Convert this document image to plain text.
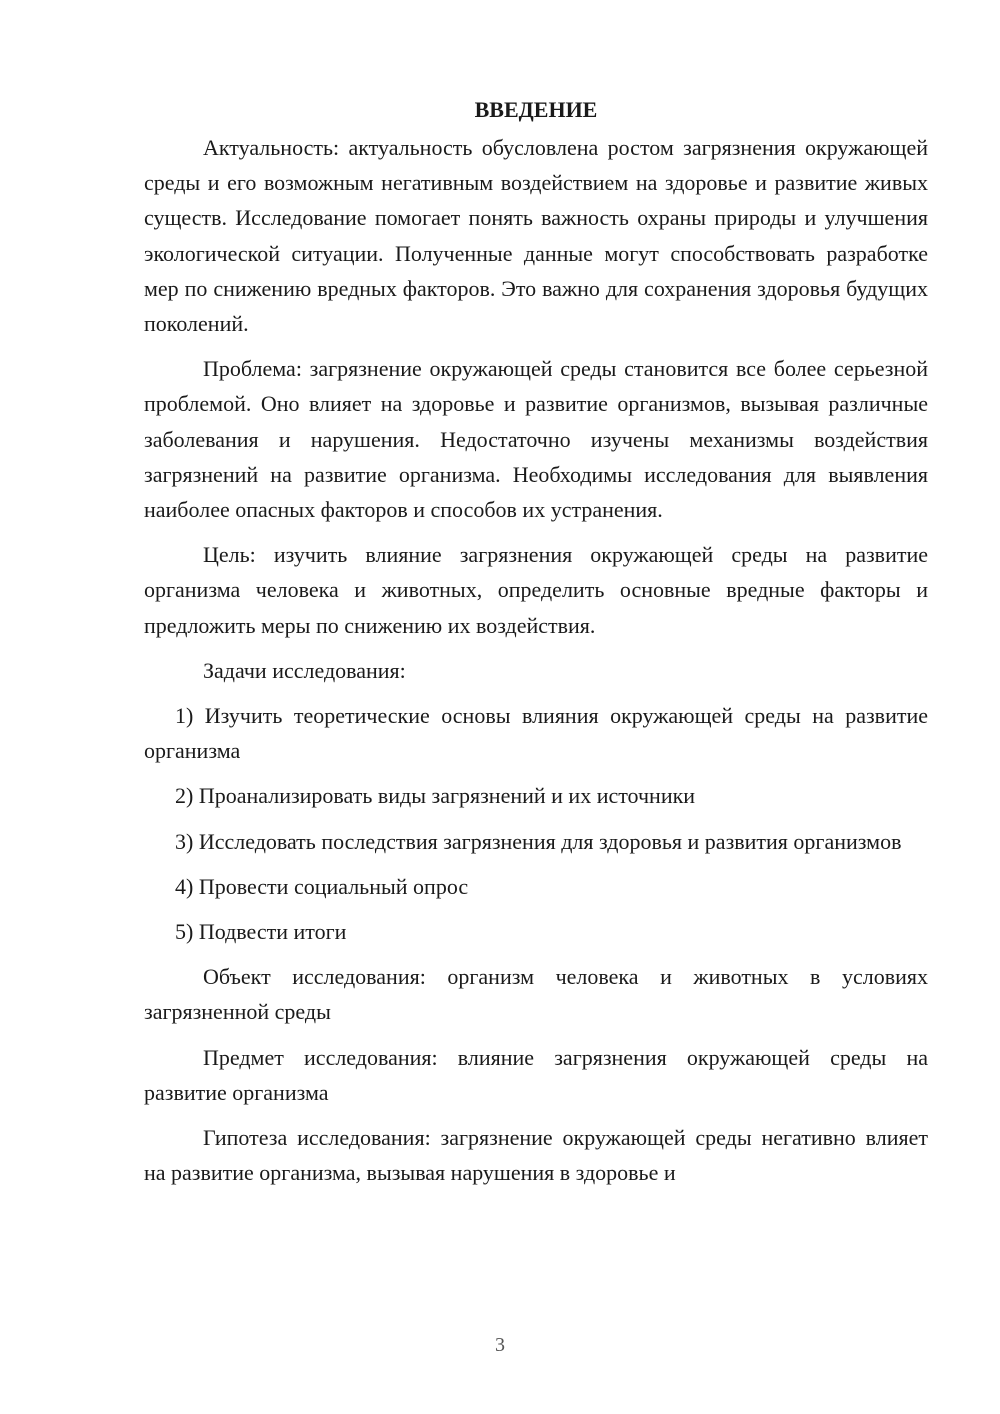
ВВЕДЕНИЕ

Актуальность: актуальность обусловлена ростом загрязнения окружающей среды и его возможным негативным воздействием на здоровье и развитие живых существ. Исследование помогает понять важность охраны природы и улучшения экологической ситуации. Полученные данные могут способствовать разработке мер по снижению вредных факторов. Это важно для сохранения здоровья будущих поколений.

Проблема: загрязнение окружающей среды становится все более серьезной проблемой. Оно влияет на здоровье и развитие организмов, вызывая различные заболевания и нарушения. Недостаточно изучены механизмы воздействия загрязнений на развитие организма. Необходимы исследования для выявления наиболее опасных факторов и способов их устранения.

Цель: изучить влияние загрязнения окружающей среды на развитие организма человека и животных, определить основные вредные факторы и предложить меры по снижению их воздействия.

Задачи исследования:

1) Изучить теоретические основы влияния окружающей среды на развитие организма

2) Проанализировать виды загрязнений и их источники

3) Исследовать последствия загрязнения для здоровья и развития организмов

4) Провести социальный опрос

5) Подвести итоги

Объект исследования: организм человека и животных в условиях загрязненной среды

Предмет исследования: влияние загрязнения окружающей среды на развитие организма

Гипотеза исследования: загрязнение окружающей среды негативно влияет на развитие организма, вызывая нарушения в здоровье и

3
